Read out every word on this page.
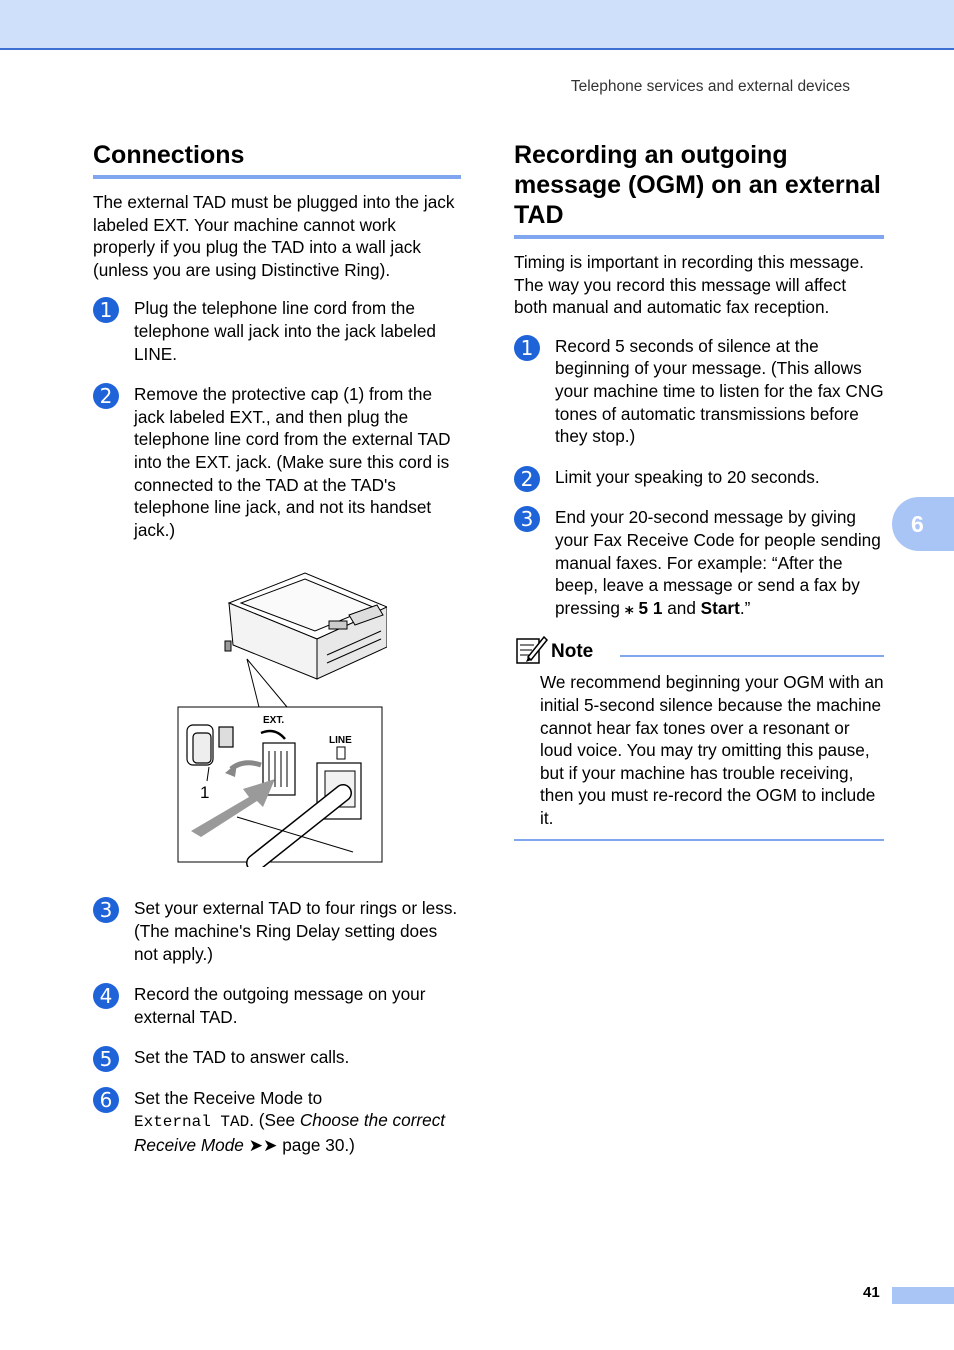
Telephone services and external devices
Connections
The external TAD must be plugged into the jack labeled EXT. Your machine cannot work properly if you plug the TAD into a wall jack (unless you are using Distinctive Ring).
1	Plug the telephone line cord from the telephone wall jack into the jack labeled LINE.
2	Remove the protective cap (1) from the jack labeled EXT., and then plug the telephone line cord from the external TAD into the EXT. jack. (Make sure this cord is connected to the TAD at the TAD's telephone line jack, and not its handset jack.)
3	Set your external TAD to four rings or less. (The machine's Ring Delay setting does not apply.)
4	Record the outgoing message on your external TAD.
5	Set the TAD to answer calls.
6	Set the Receive Mode to
External TAD. (See Choose the correct Receive Mode ➤➤ page 30.)
1
EXT.
LINE
Recording an outgoing message (OGM) on an external TAD
Timing is important in recording this message. The way you record this message will affect both manual and automatic fax reception.
1	Record 5 seconds of silence at the beginning of your message. (This allows your machine time to listen for the fax CNG tones of automatic transmissions before they stop.)
2	Limit your speaking to 20 seconds.
3	End your 20-second message by giving your Fax Receive Code for people sending manual faxes. For example: “After the beep, leave a message or send a fax by pressing ⁎ 5 1 and Start.”
Note
We recommend beginning your OGM with an initial 5-second silence because the machine cannot hear fax tones over a resonant or loud voice. You may try omitting this pause, but if your machine has trouble receiving, then you must re-record the OGM to include it.
6
41
